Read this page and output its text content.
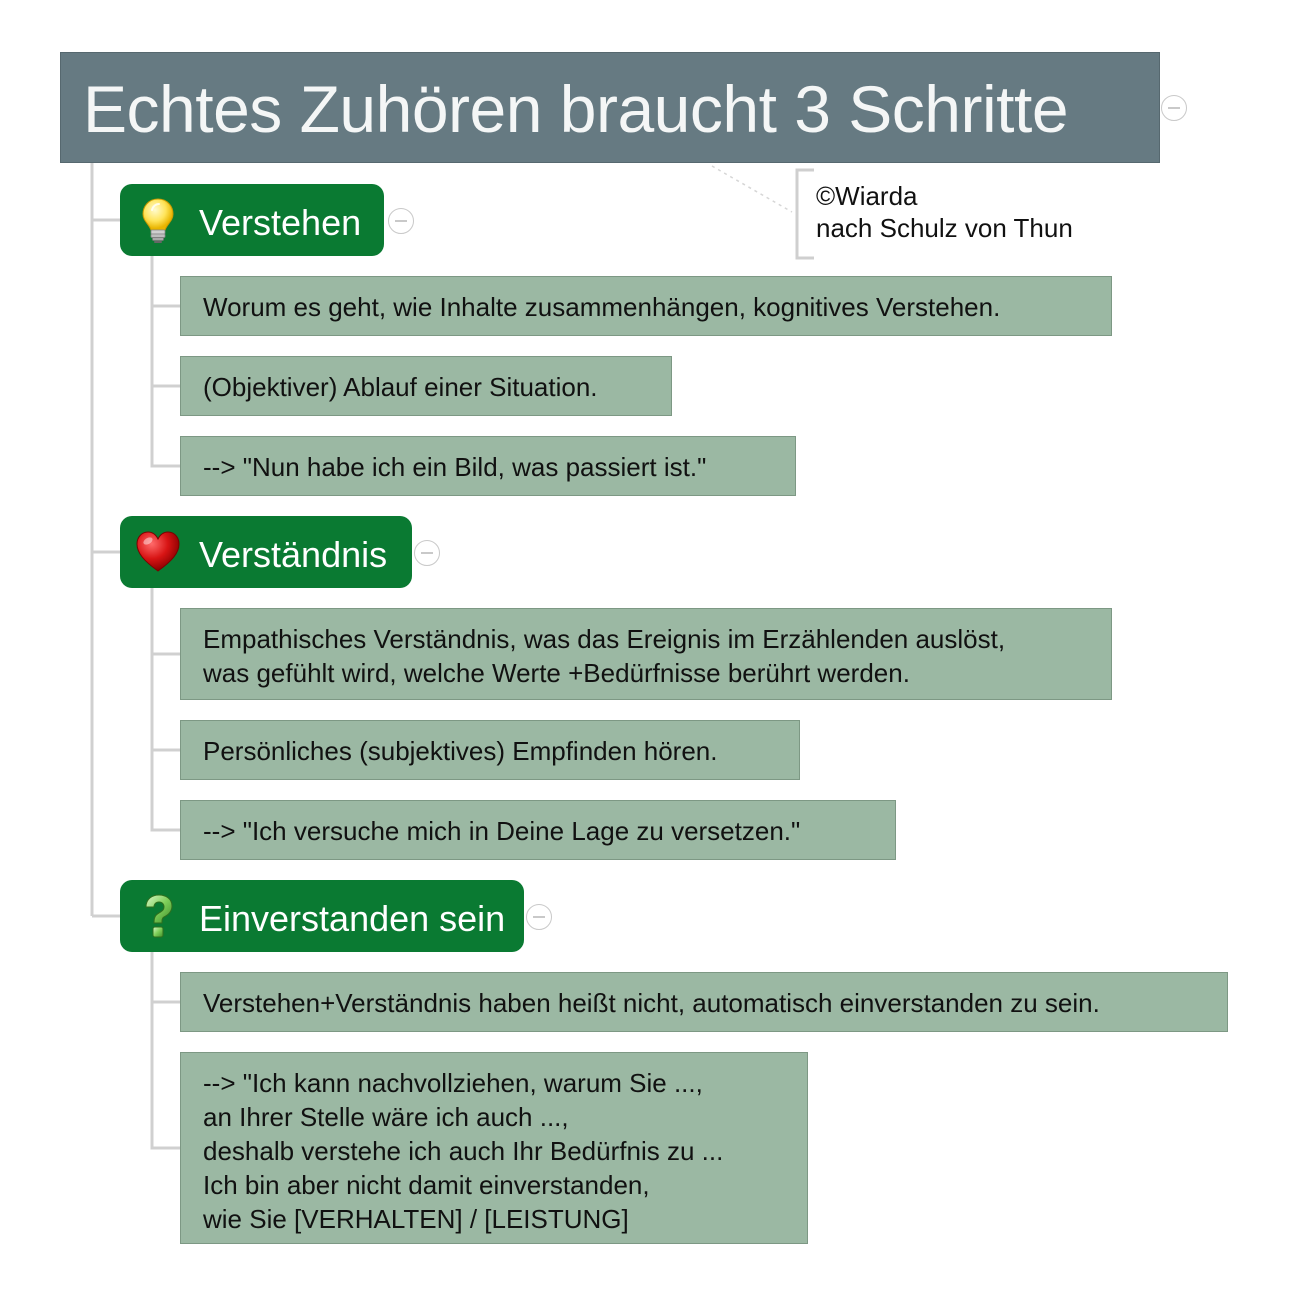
Echtes Zuhören braucht 3 Schritte
©Wiarda
nach Schulz von Thun
Verstehen
Worum es geht, wie Inhalte zusammenhängen, kognitives Verstehen.
(Objektiver) Ablauf einer Situation.
--> "Nun habe ich ein Bild, was passiert ist."
Verständnis
Empathisches Verständnis, was das Ereignis im Erzählenden auslöst,
was gefühlt wird, welche Werte +Bedürfnisse berührt werden.
Persönliches (subjektives) Empfinden hören.
--> "Ich versuche mich in Deine Lage zu versetzen."
Einverstanden sein
Verstehen+Verständnis haben heißt nicht, automatisch einverstanden zu sein.
--> "Ich kann nachvollziehen, warum Sie ...,
an Ihrer Stelle wäre ich auch ...,
deshalb verstehe ich auch Ihr Bedürfnis zu ...
Ich bin aber nicht damit einverstanden,
wie Sie [VERHALTEN] / [LEISTUNG]
